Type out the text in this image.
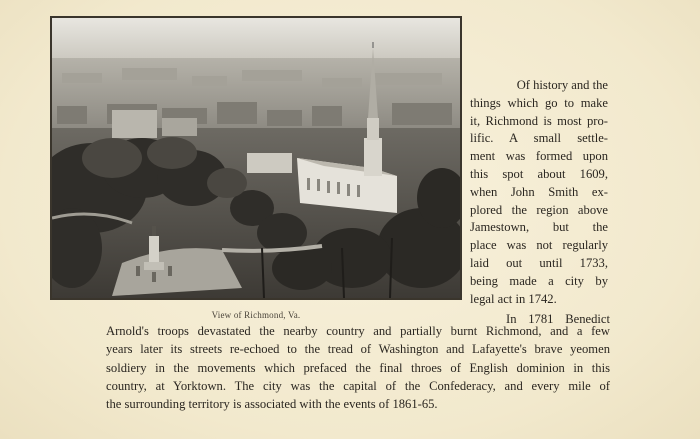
View of Richmond, Va.
Of history and the
things which go to make
it, Richmond is most pro-
lific. A small settle-
ment was formed upon
this spot about 1609,
when John Smith ex-
plored the region above
Jamestown, but the
place was not regularly
laid out until 1733,
being made a city by
legal act in 1742.
In 1781 Benedict
Arnold's troops devastated the nearby country and partially burnt Richmond, and a few
years later its streets re-echoed to the tread of Washington and Lafayette's brave yeomen
soldiery in the movements which prefaced the final throes of English dominion in this
country, at Yorktown. The city was the capital of the Confederacy, and every mile of
the surrounding territory is associated with the events of 1861-65.
